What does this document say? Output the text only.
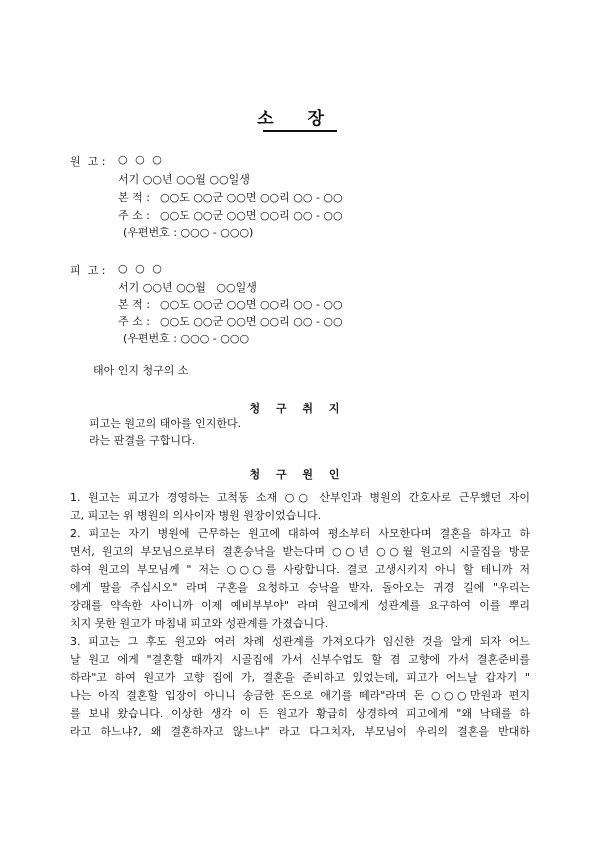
소 장
원  고 : ○ ○ ○
서기 ○○년 ○○월 ○○일생
본 적 : ○○도 ○○군 ○○면 ○○리 ○○ - ○○
주 소 : ○○도 ○○군 ○○면 ○○리 ○○ - ○○
(우편번호 : ○○○ - ○○○)
피  고 : ○ ○ ○
서기 ○○년 ○○월   ○○일생
본 적 : ○○도 ○○군 ○○면 ○○리 ○○ - ○○
주 소 : ○○도 ○○군 ○○면 ○○리 ○○ - ○○
(우편번호 : ○○○ - ○○○
태아 인지 청구의 소
청 구 취 지
피고는 원고의 태아를 인지한다.
라는 판결을 구합니다.
청 구 원 인

1. 원고는 피고가 경영하는 고척동 소재 ○○ 산부인과 병원의 간호사로 근무했던 자이

고, 피고는 위 병원의 의사이자 병원 원장이었습니다.

2. 피고는 자기 병원에 근무하는 원고에 대하여 평소부터 사모한다며 결혼을 하자고 하

면서, 원고의 부모님으로부터 결혼승낙을 받는다며 ○○년 ○○월 원고의 시골집을 방문

하여 원고의 부모님께 " 저는 ○○○를 사랑합니다. 결코 고생시키지 아니 할 테니까 저

에게 딸을 주십시오" 라며 구혼을 요청하고 승낙을 받자, 돌아오는 귀경 길에 "우리는

장래를 약속한 사이니까 이제 예비부부야" 라며 원고에게 성관계를 요구하여 이를 뿌리

치지 못한 원고가 마침내 피고와 성관계를 가졌습니다.

3. 피고는 그 후도 원고와 여러 차례 성관계를 가져오다가 임신한 것을 알게 되자 어느

날 원고 에게 "결혼할 때까지 시골집에 가서 신부수업도 할 겸 고향에 가서 결혼준비를

하라"고 하여 원고가 고향 집에 가, 결혼을 준비하고 있었는데, 피고가 어느날 갑자기 "

나는 아직 결혼할 입장이 아니니 송금한 돈으로 애기를 떼라"라며 돈 ○○○만원과 편지

를 보내 왔습니다. 이상한 생각 이 든 원고가 황급히 상경하여 피고에게 "왜 낙태를 하

라고 하느냐?, 왜 결혼하자고 않느냐" 라고 다그치자, 부모님이 우리의 결혼을 반대하
